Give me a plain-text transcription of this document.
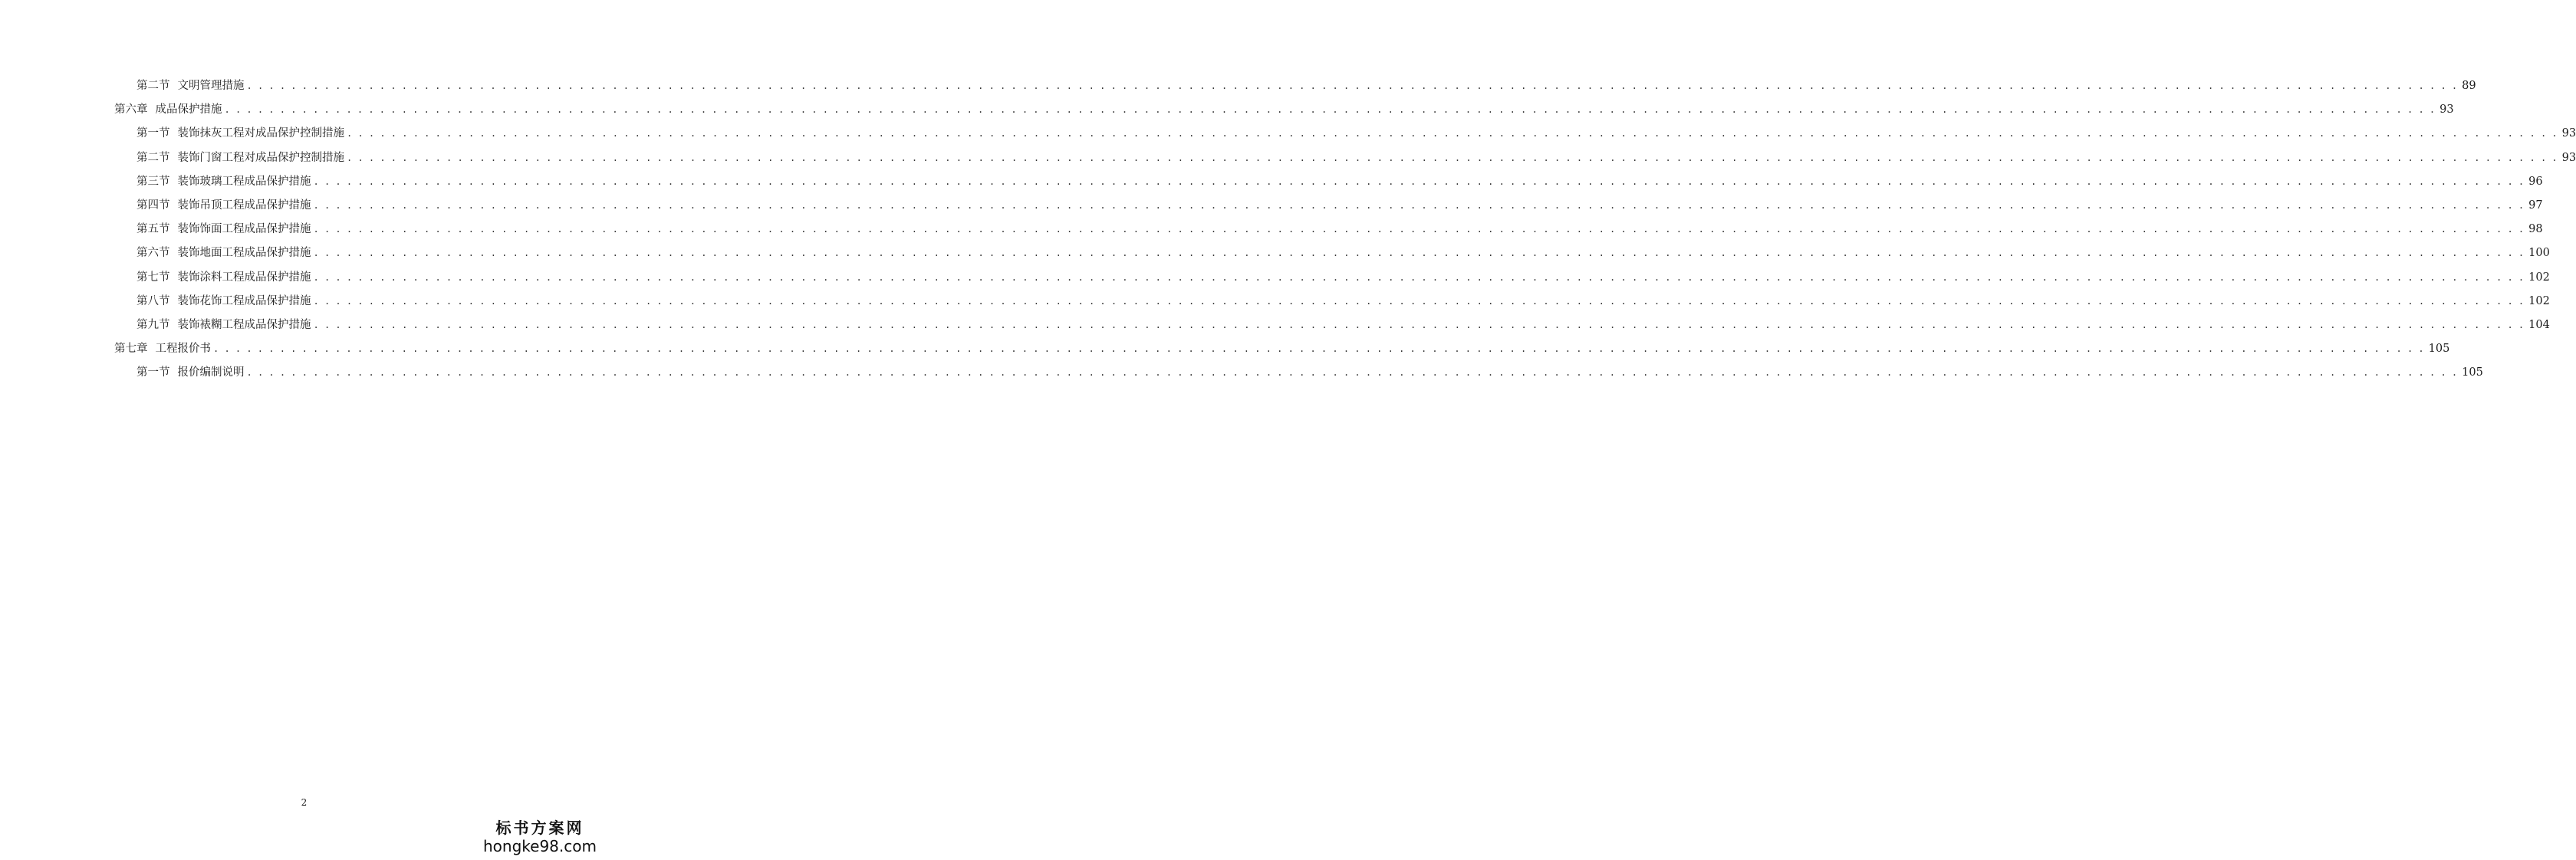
第二节 文明管理措施 . . . . . . . . . . . . . . . . . . . . . . . . . . . . . . . . . . . . . . . . . . . . . . . . . . . . . . . . . . . . . . . . . . . . . . . . . . . . . . . . . . . . . . . . . . . . . . . . . . . . . . . . . . . . . . . . . . . . . . . . . . . . . . . . . . . . . . . . . . . . . . . . . . . . . . . . . . . . . . . . . . . . . . . . . . . . . . . . . . . . . . . . . . . . . . . . . . . . . . . . 89
第六章 成品保护措施 . . . . . . . . . . . . . . . . . . . . . . . . . . . . . . . . . . . . . . . . . . . . . . . . . . . . . . . . . . . . . . . . . . . . . . . . . . . . . . . . . . . . . . . . . . . . . . . . . . . . . . . . . . . . . . . . . . . . . . . . . . . . . . . . . . . . . . . . . . . . . . . . . . . . . . . . . . . . . . . . . . . . . . . . . . . . . . . . . . . . . . . . . . . . . . . . . . . . . . . . 93
第一节 装饰抹灰工程对成品保护控制措施 . . . . . . . . . . . . . . . . . . . . . . . . . . . . . . . . . . . . . . . . . . . . . . . . . . . . . . . . . . . . . . . . . . . . . . . . . . . . . . . . . . . . . . . . . . . . . . . . . . . . . . . . . . . . . . . . . . . . . . . . . . . . . . . . . . . . . . . . . . . . . . . . . . . . . . . . . . . . . . . . . . . . . . . . . . . . . . . . . . . . . . . . . . . . . . . . . . . . . . . . 93
第二节 装饰门窗工程对成品保护控制措施 . . . . . . . . . . . . . . . . . . . . . . . . . . . . . . . . . . . . . . . . . . . . . . . . . . . . . . . . . . . . . . . . . . . . . . . . . . . . . . . . . . . . . . . . . . . . . . . . . . . . . . . . . . . . . . . . . . . . . . . . . . . . . . . . . . . . . . . . . . . . . . . . . . . . . . . . . . . . . . . . . . . . . . . . . . . . . . . . . . . . . . . . . . . . . . . . . . . . . . . . 93
第三节 装饰玻璃工程成品保护措施 . . . . . . . . . . . . . . . . . . . . . . . . . . . . . . . . . . . . . . . . . . . . . . . . . . . . . . . . . . . . . . . . . . . . . . . . . . . . . . . . . . . . . . . . . . . . . . . . . . . . . . . . . . . . . . . . . . . . . . . . . . . . . . . . . . . . . . . . . . . . . . . . . . . . . . . . . . . . . . . . . . . . . . . . . . . . . . . . . . . . . . . . . . . . . . . . . . . . . . . . 96
第四节 装饰吊顶工程成品保护措施 . . . . . . . . . . . . . . . . . . . . . . . . . . . . . . . . . . . . . . . . . . . . . . . . . . . . . . . . . . . . . . . . . . . . . . . . . . . . . . . . . . . . . . . . . . . . . . . . . . . . . . . . . . . . . . . . . . . . . . . . . . . . . . . . . . . . . . . . . . . . . . . . . . . . . . . . . . . . . . . . . . . . . . . . . . . . . . . . . . . . . . . . . . . . . . . . . . . . . . . . 97
第五节 装饰饰面工程成品保护措施 . . . . . . . . . . . . . . . . . . . . . . . . . . . . . . . . . . . . . . . . . . . . . . . . . . . . . . . . . . . . . . . . . . . . . . . . . . . . . . . . . . . . . . . . . . . . . . . . . . . . . . . . . . . . . . . . . . . . . . . . . . . . . . . . . . . . . . . . . . . . . . . . . . . . . . . . . . . . . . . . . . . . . . . . . . . . . . . . . . . . . . . . . . . . . . . . . . . . . . . . 98
第六节 装饰地面工程成品保护措施 . . . . . . . . . . . . . . . . . . . . . . . . . . . . . . . . . . . . . . . . . . . . . . . . . . . . . . . . . . . . . . . . . . . . . . . . . . . . . . . . . . . . . . . . . . . . . . . . . . . . . . . . . . . . . . . . . . . . . . . . . . . . . . . . . . . . . . . . . . . . . . . . . . . . . . . . . . . . . . . . . . . . . . . . . . . . . . . . . . . . . . . . . . . . . . . . . . . . . . . . 100
第七节 装饰涂料工程成品保护措施 . . . . . . . . . . . . . . . . . . . . . . . . . . . . . . . . . . . . . . . . . . . . . . . . . . . . . . . . . . . . . . . . . . . . . . . . . . . . . . . . . . . . . . . . . . . . . . . . . . . . . . . . . . . . . . . . . . . . . . . . . . . . . . . . . . . . . . . . . . . . . . . . . . . . . . . . . . . . . . . . . . . . . . . . . . . . . . . . . . . . . . . . . . . . . . . . . . . . . . . . 102
第八节 装饰花饰工程成品保护措施 . . . . . . . . . . . . . . . . . . . . . . . . . . . . . . . . . . . . . . . . . . . . . . . . . . . . . . . . . . . . . . . . . . . . . . . . . . . . . . . . . . . . . . . . . . . . . . . . . . . . . . . . . . . . . . . . . . . . . . . . . . . . . . . . . . . . . . . . . . . . . . . . . . . . . . . . . . . . . . . . . . . . . . . . . . . . . . . . . . . . . . . . . . . . . . . . . . . . . . . . 102
第九节 装饰裱糊工程成品保护措施 . . . . . . . . . . . . . . . . . . . . . . . . . . . . . . . . . . . . . . . . . . . . . . . . . . . . . . . . . . . . . . . . . . . . . . . . . . . . . . . . . . . . . . . . . . . . . . . . . . . . . . . . . . . . . . . . . . . . . . . . . . . . . . . . . . . . . . . . . . . . . . . . . . . . . . . . . . . . . . . . . . . . . . . . . . . . . . . . . . . . . . . . . . . . . . . . . . . . . . . . 104
第七章 工程报价书 . . . . . . . . . . . . . . . . . . . . . . . . . . . . . . . . . . . . . . . . . . . . . . . . . . . . . . . . . . . . . . . . . . . . . . . . . . . . . . . . . . . . . . . . . . . . . . . . . . . . . . . . . . . . . . . . . . . . . . . . . . . . . . . . . . . . . . . . . . . . . . . . . . . . . . . . . . . . . . . . . . . . . . . . . . . . . . . . . . . . . . . . . . . . . . . . . . . . . . . . 105
第一节 报价编制说明 . . . . . . . . . . . . . . . . . . . . . . . . . . . . . . . . . . . . . . . . . . . . . . . . . . . . . . . . . . . . . . . . . . . . . . . . . . . . . . . . . . . . . . . . . . . . . . . . . . . . . . . . . . . . . . . . . . . . . . . . . . . . . . . . . . . . . . . . . . . . . . . . . . . . . . . . . . . . . . . . . . . . . . . . . . . . . . . . . . . . . . . . . . . . . . . . . . . . . . . . 105
2
标书方案网
hongke98.com
